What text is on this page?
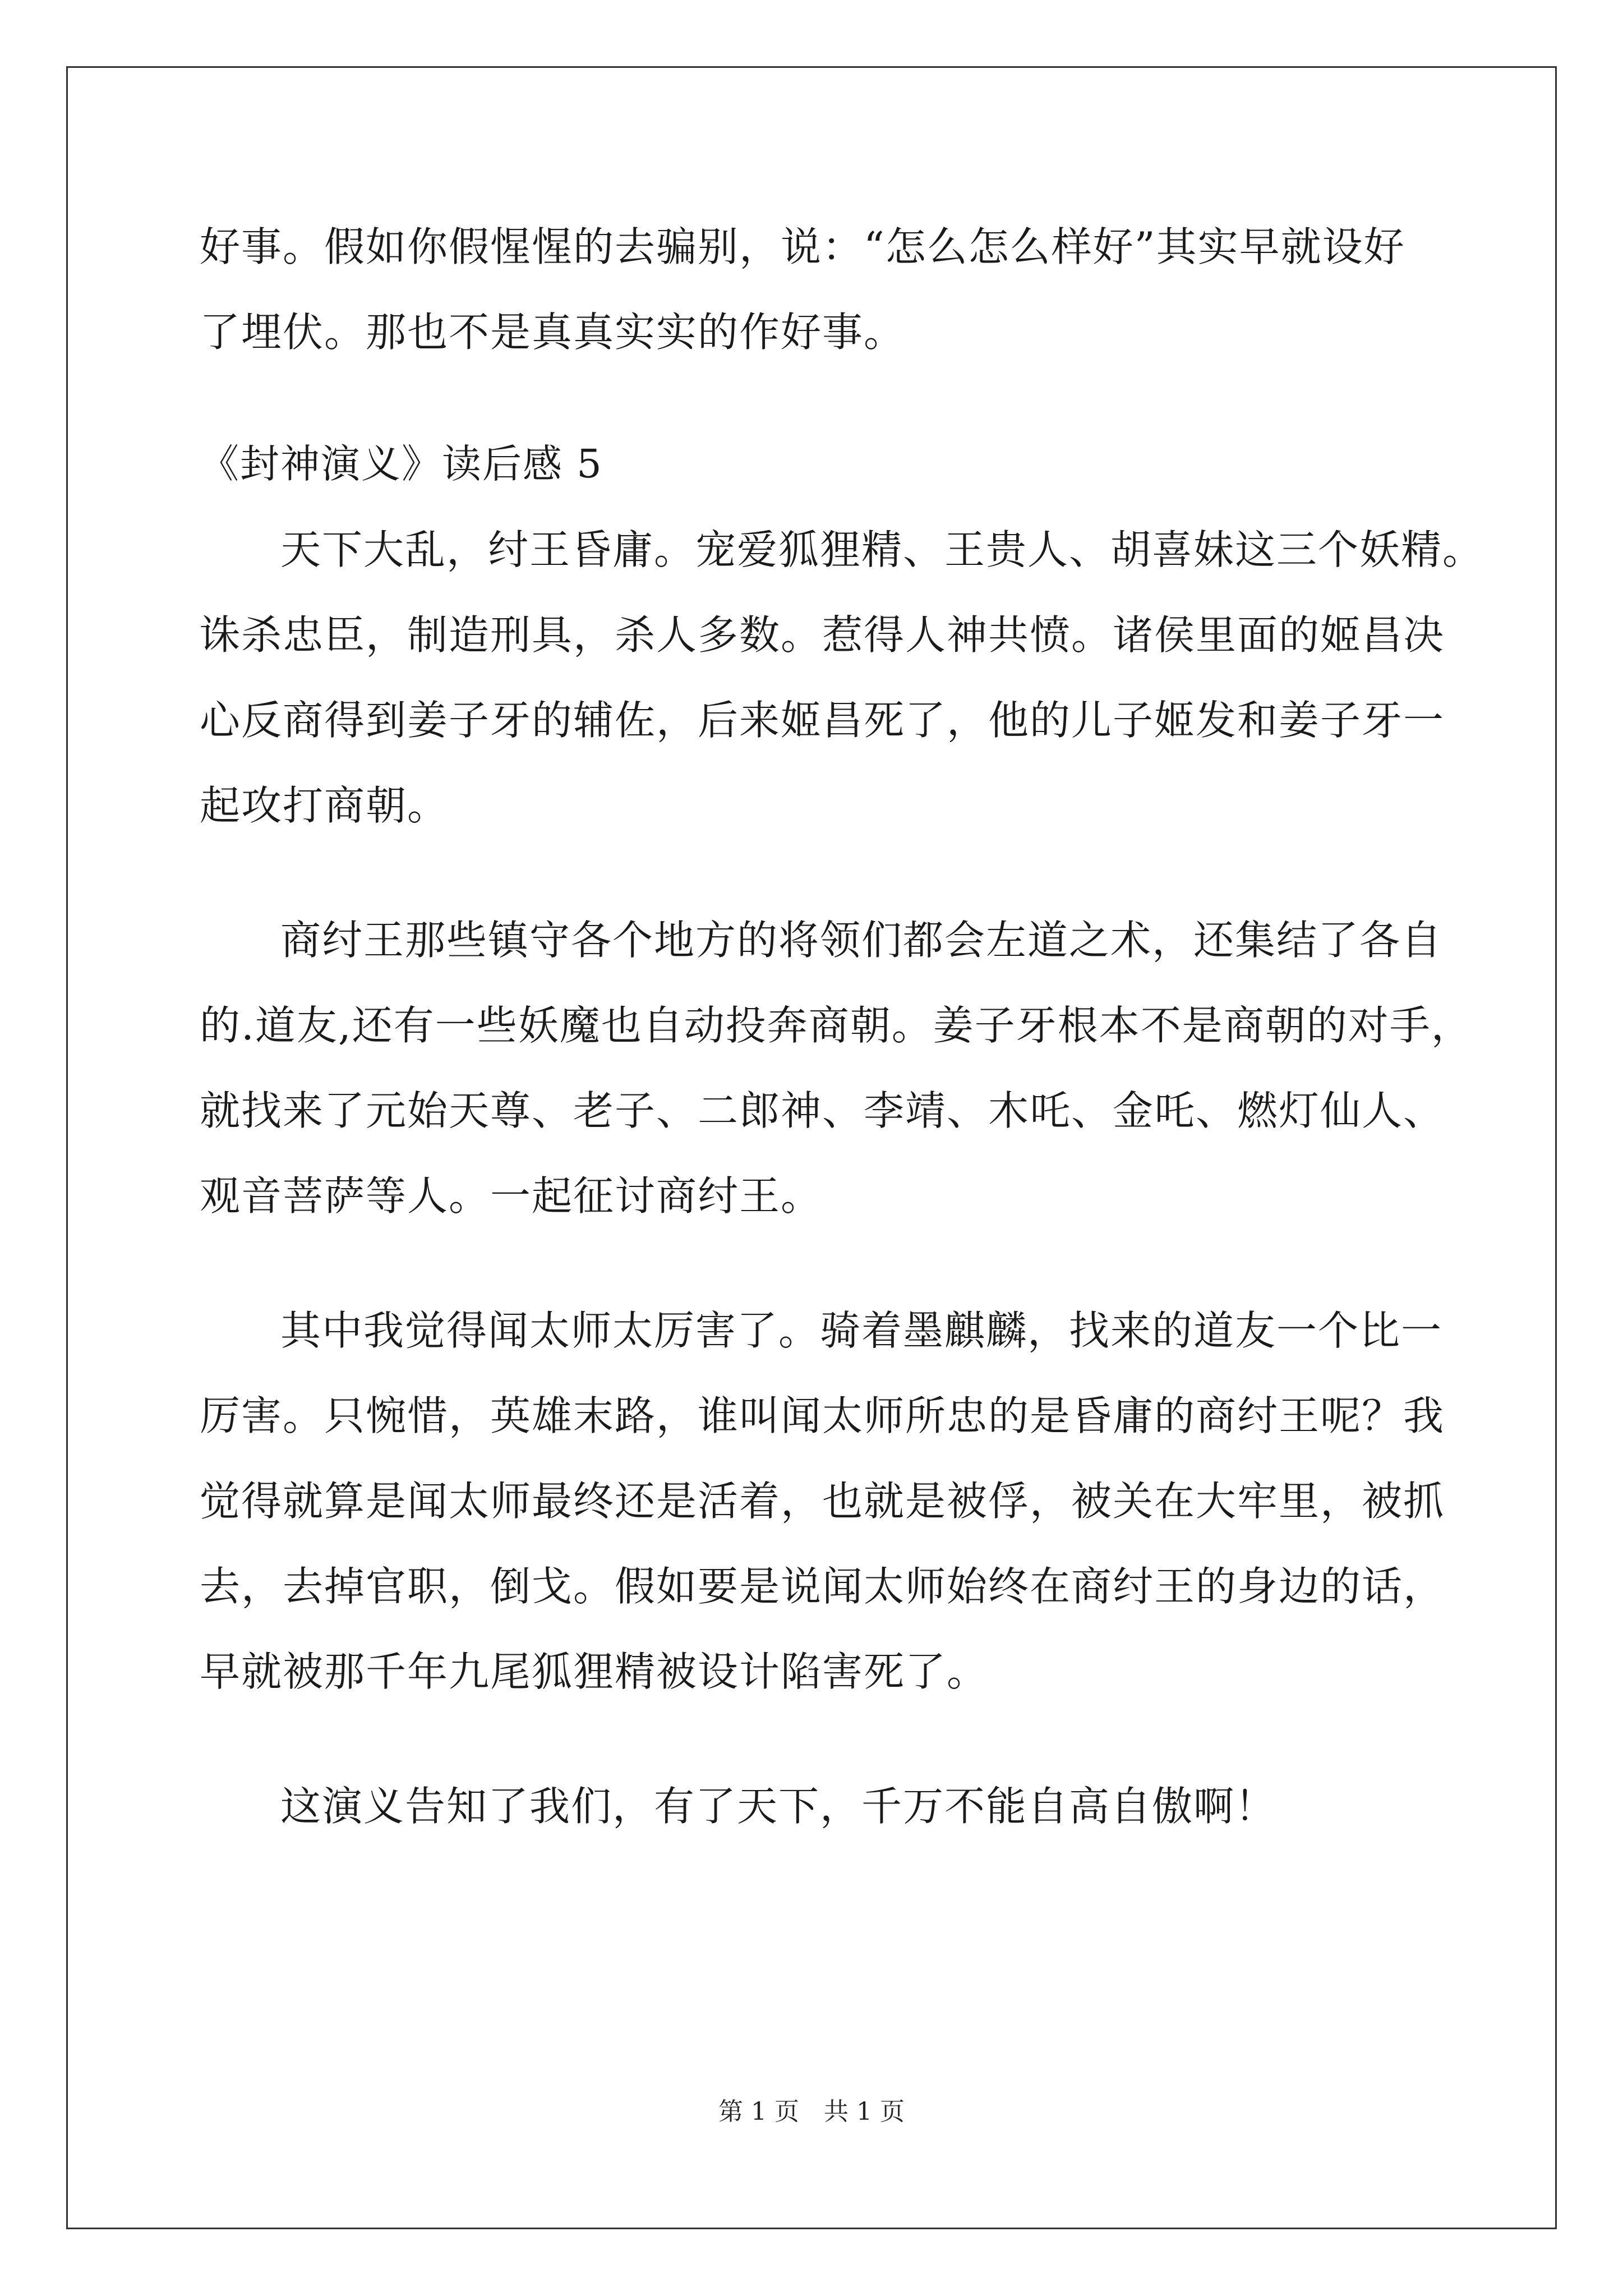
好事。假如你假惺惺的去骗别，说：“怎么怎么样好”其实早就设好
了埋伏。那也不是真真实实的作好事。
《封神演义》读后感 5
天下大乱，纣王昏庸。宠爱狐狸精、王贵人、胡喜妹这三个妖精。
诛杀忠臣，制造刑具，杀人多数。惹得人神共愤。诸侯里面的姬昌决
心反商得到姜子牙的辅佐，后来姬昌死了，他的儿子姬发和姜子牙一
起攻打商朝。
商纣王那些镇守各个地方的将领们都会左道之术，还集结了各自
的.道友,还有一些妖魔也自动投奔商朝。姜子牙根本不是商朝的对手，
就找来了元始天尊、老子、二郎神、李靖、木吒、金吒、燃灯仙人、
观音菩萨等人。一起征讨商纣王。
其中我觉得闻太师太厉害了。骑着墨麒麟，找来的道友一个比一
厉害。只惋惜，英雄末路，谁叫闻太师所忠的是昏庸的商纣王呢？我
觉得就算是闻太师最终还是活着，也就是被俘，被关在大牢里，被抓
去，去掉官职，倒戈。假如要是说闻太师始终在商纣王的身边的话，
早就被那千年九尾狐狸精被设计陷害死了。
这演义告知了我们，有了天下，千万不能自高自傲啊！
第 1 页　共 1 页
